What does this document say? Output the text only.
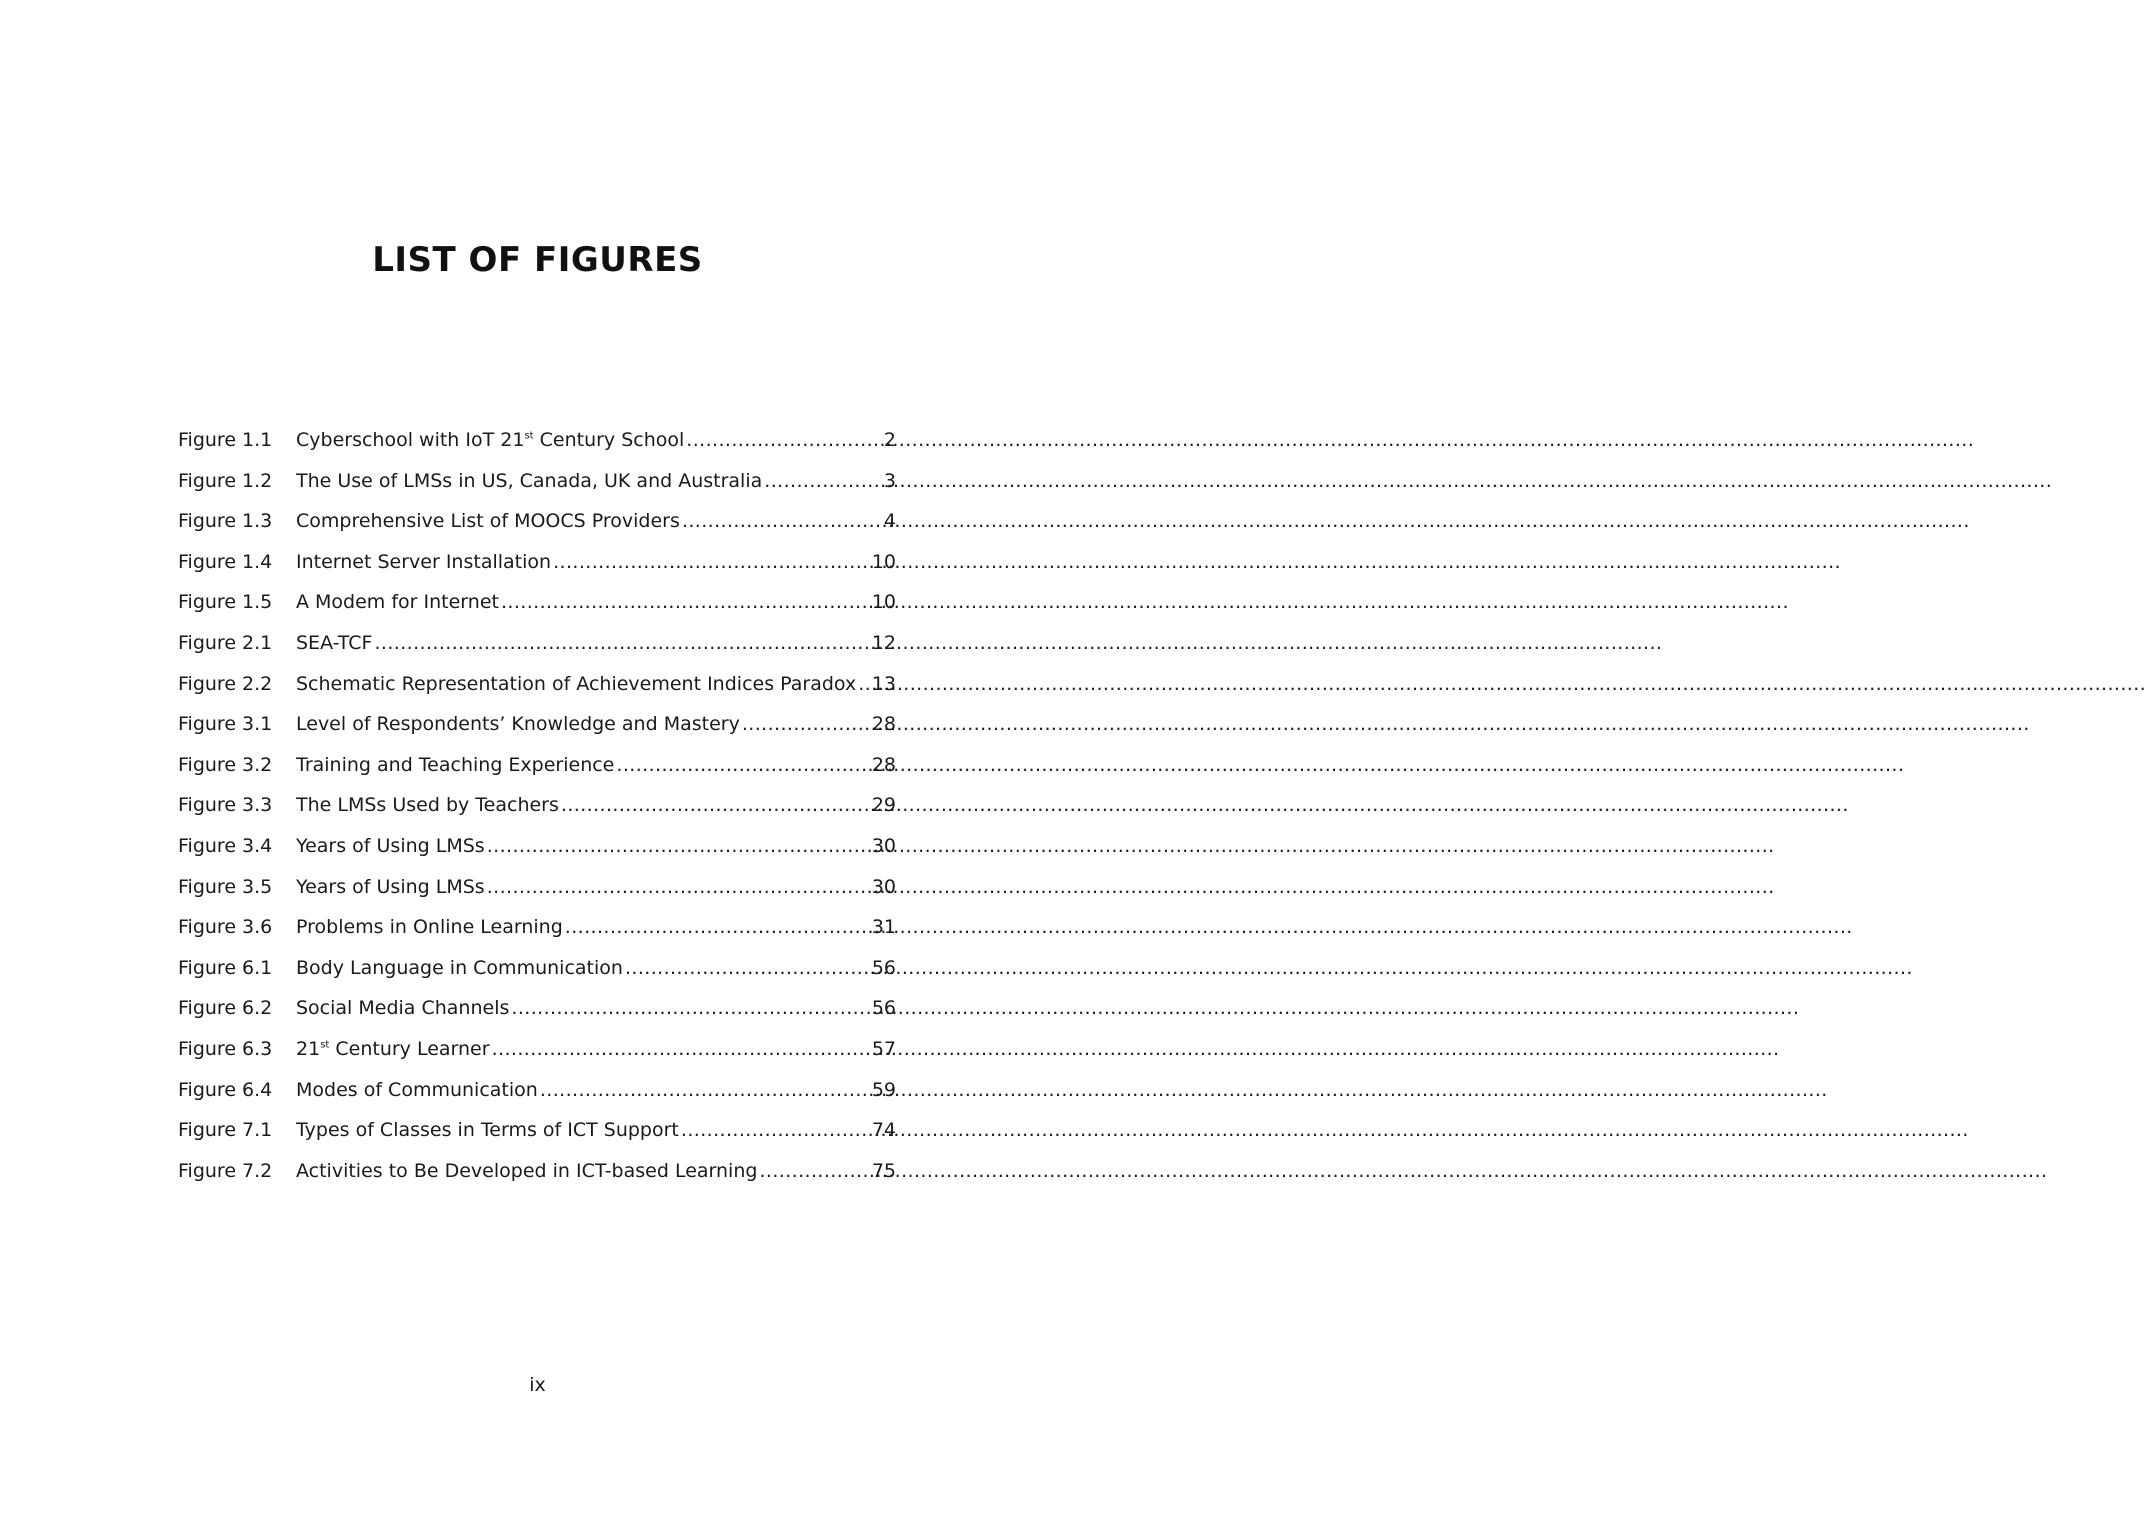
LIST OF FIGURES
Figure 1.1	Cyberschool with IoT 21st Century School .....	2
Figure 1.2	The Use of LMSs in US, Canada, UK and Australia .....	3
Figure 1.3	Comprehensive List of MOOCS Providers .....	4
Figure 1.4	Internet Server Installation .....	10
Figure 1.5	A Modem for Internet .....	10
Figure 2.1	SEA-TCF .....	12
Figure 2.2	Schematic Representation of Achievement Indices Paradox ..... 13
Figure 3.1	Level of Respondents’ Knowledge and Mastery .....	28
Figure 3.2	Training and Teaching Experience .....	28
Figure 3.3	The LMSs Used by Teachers .....	29
Figure 3.4	Years of Using LMSs .....	30
Figure 3.5	Years of Using LMSs .....	30
Figure 3.6	Problems in Online Learning .....	31
Figure 6.1	Body Language in Communication .....	56
Figure 6.2	Social Media Channels .....	56
Figure 6.3	21st Century Learner .....	57
Figure 6.4	Modes of Communication .....	59
Figure 7.1	Types of Classes in Terms of ICT Support .....	74
Figure 7.2	Activities to Be Developed in ICT-based Learning .....	75

ix
